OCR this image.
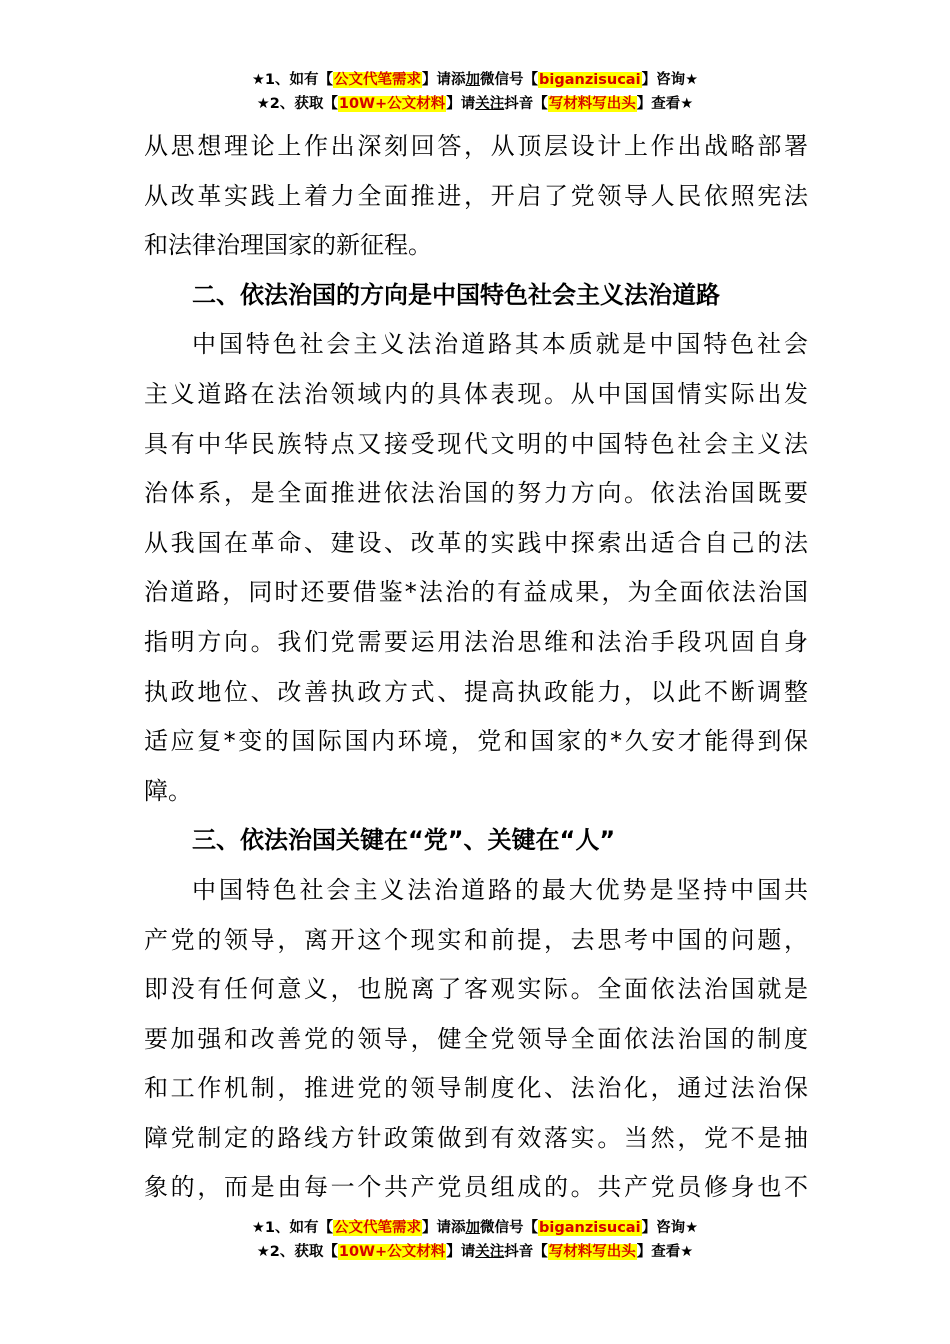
★1、如有【公文代笔需求】请添加微信号【biganzisucai】咨询★
★2、获取【10W+公文材料】请关注抖音【写材料写出头】查看★
从思想理论上作出深刻回答，从顶层设计上作出战略部署
从改革实践上着力全面推进，开启了党领导人民依照宪法
和法律治理国家的新征程。
二、依法治国的方向是中国特色社会主义法治道路
中国特色社会主义法治道路其本质就是中国特色社会
主义道路在法治领域内的具体表现。从中国国情实际出发
具有中华民族特点又接受现代文明的中国特色社会主义法
治体系，是全面推进依法治国的努力方向。依法治国既要
从我国在革命、建设、改革的实践中探索出适合自己的法
治道路，同时还要借鉴*法治的有益成果，为全面依法治国
指明方向。我们党需要运用法治思维和法治手段巩固自身
执政地位、改善执政方式、提高执政能力，以此不断调整
适应复*变的国际国内环境，党和国家的*久安才能得到保
障。
三、依法治国关键在“党”、关键在“人”
中国特色社会主义法治道路的最大优势是坚持中国共
产党的领导，离开这个现实和前提，去思考中国的问题，
即没有任何意义，也脱离了客观实际。全面依法治国就是
要加强和改善党的领导，健全党领导全面依法治国的制度
和工作机制，推进党的领导制度化、法治化，通过法治保
障党制定的路线方针政策做到有效落实。当然，党不是抽
象的，而是由每一个共产党员组成的。共产党员修身也不
★1、如有【公文代笔需求】请添加微信号【biganzisucai】咨询★
★2、获取【10W+公文材料】请关注抖音【写材料写出头】查看★
